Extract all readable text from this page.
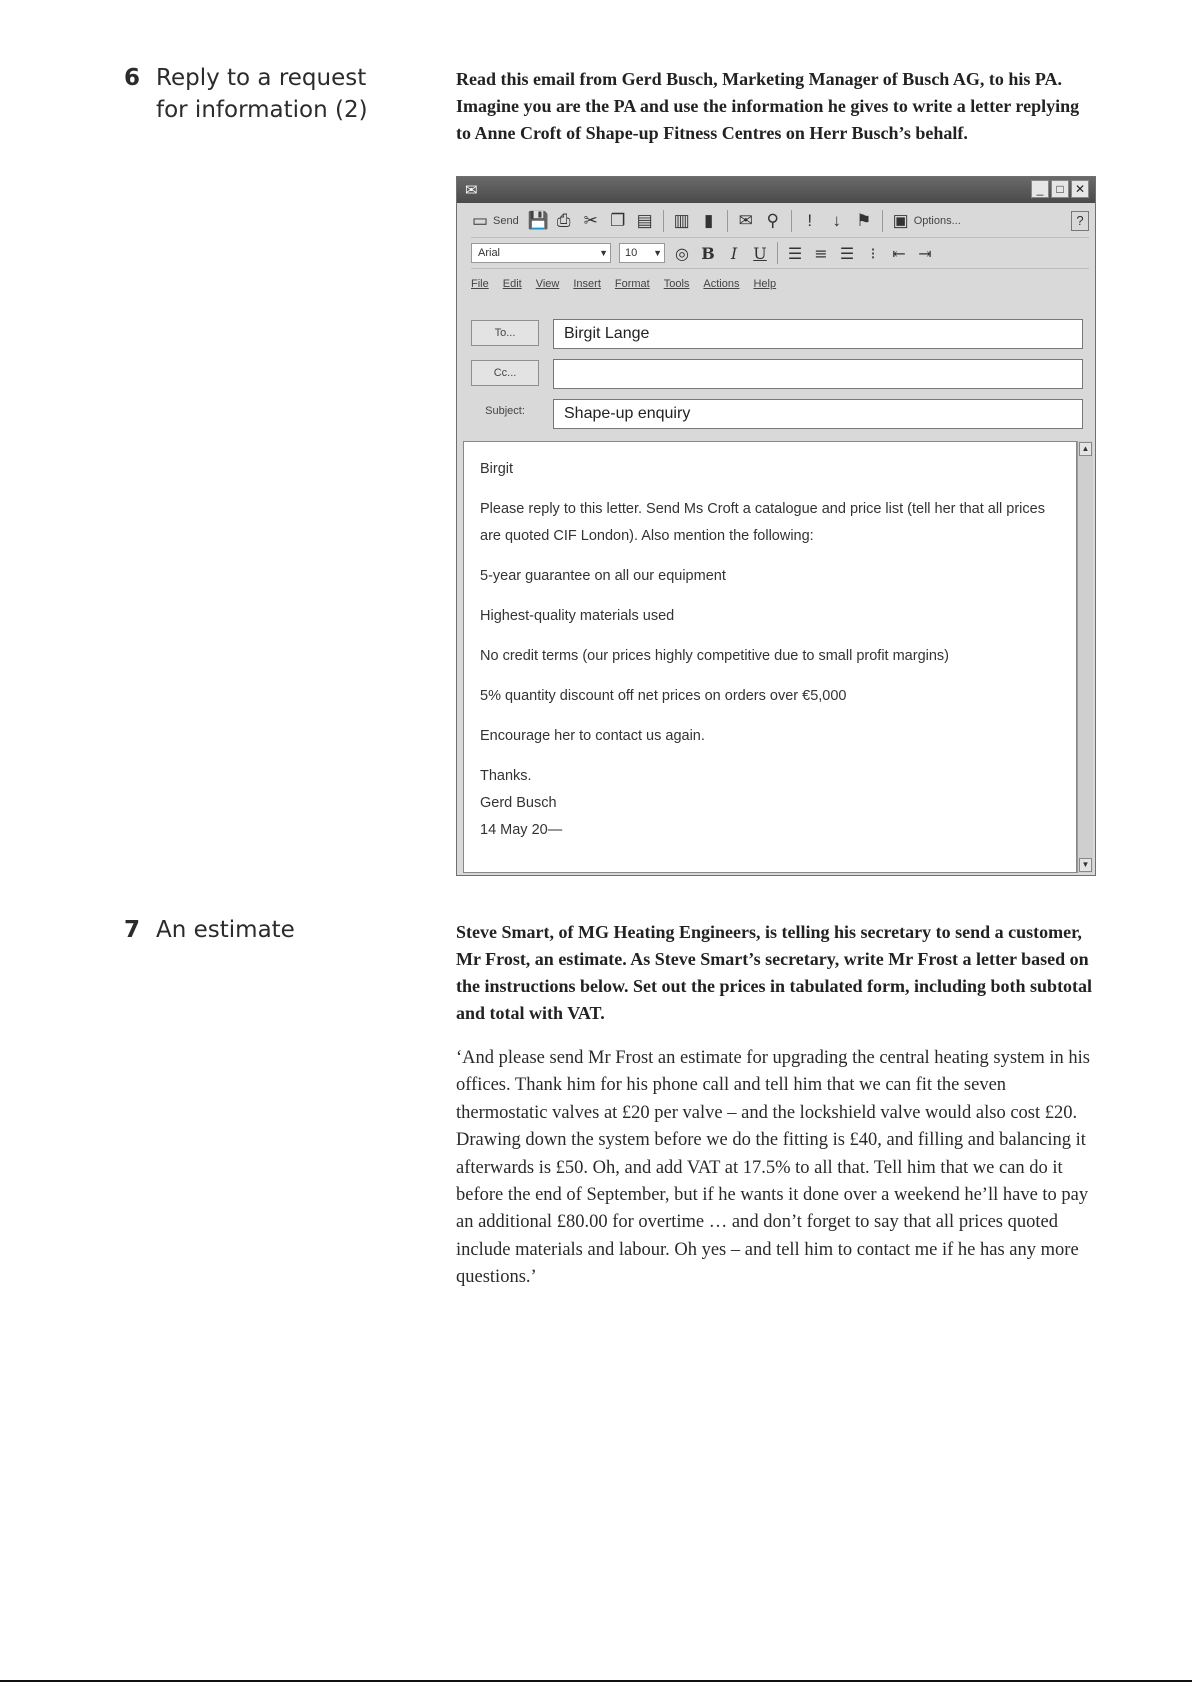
6 Reply to a request
for information (2)
Read this email from Gerd Busch, Marketing Manager of Busch AG, to his PA. Imagine you are the PA and use the information he gives to write a letter replying to Anne Croft of Shape-up Fitness Centres on Herr Busch’s behalf.
✉	_	□ ✕
▭ Send 💾 ⎙ ✂ ❐ ▤ ▥ ▮ ✉ ⚲	!	↓ ⚑ ▣ Options...	?
Arial	▼	10 ▼ ◎ B	I	U ☰ ≡ ☰	⁝	⇤ ⇥
File Edit View Insert Format Tools Actions Help
To...	Birgit Lange
Cc...
Subject:	Shape-up enquiry

Birgit

Please reply to this letter. Send Ms Croft a catalogue and price list (tell her that all prices are quoted CIF London). Also mention the following:

5-year guarantee on all our equipment

Highest-quality materials used

No credit terms (our prices highly competitive due to small profit margins)

5% quantity discount off net prices on orders over €5,000

Encourage her to contact us again.

Thanks.
Gerd Busch
14 May 20—
▲
▼
7 An estimate	Steve Smart, of MG Heating Engineers, is telling his secretary to send a customer, Mr Frost, an estimate. As Steve Smart’s secretary, write Mr Frost a letter based on the instructions below. Set out the prices in tabulated form, including both subtotal and total with VAT.
‘And please send Mr Frost an estimate for upgrading the central heating system in his offices. Thank him for his phone call and tell him that we can fit the seven thermostatic valves at £20 per valve – and the lockshield valve would also cost £20. Drawing down the system before we do the fitting is £40, and filling and balancing it afterwards is £50. Oh, and add VAT at 17.5% to all that. Tell him that we can do it before the end of September, but if he wants it done over a weekend he’ll have to pay an additional £80.00 for overtime … and don’t forget to say that all prices quoted include materials and labour. Oh yes – and tell him to contact me if he has any more questions.’
